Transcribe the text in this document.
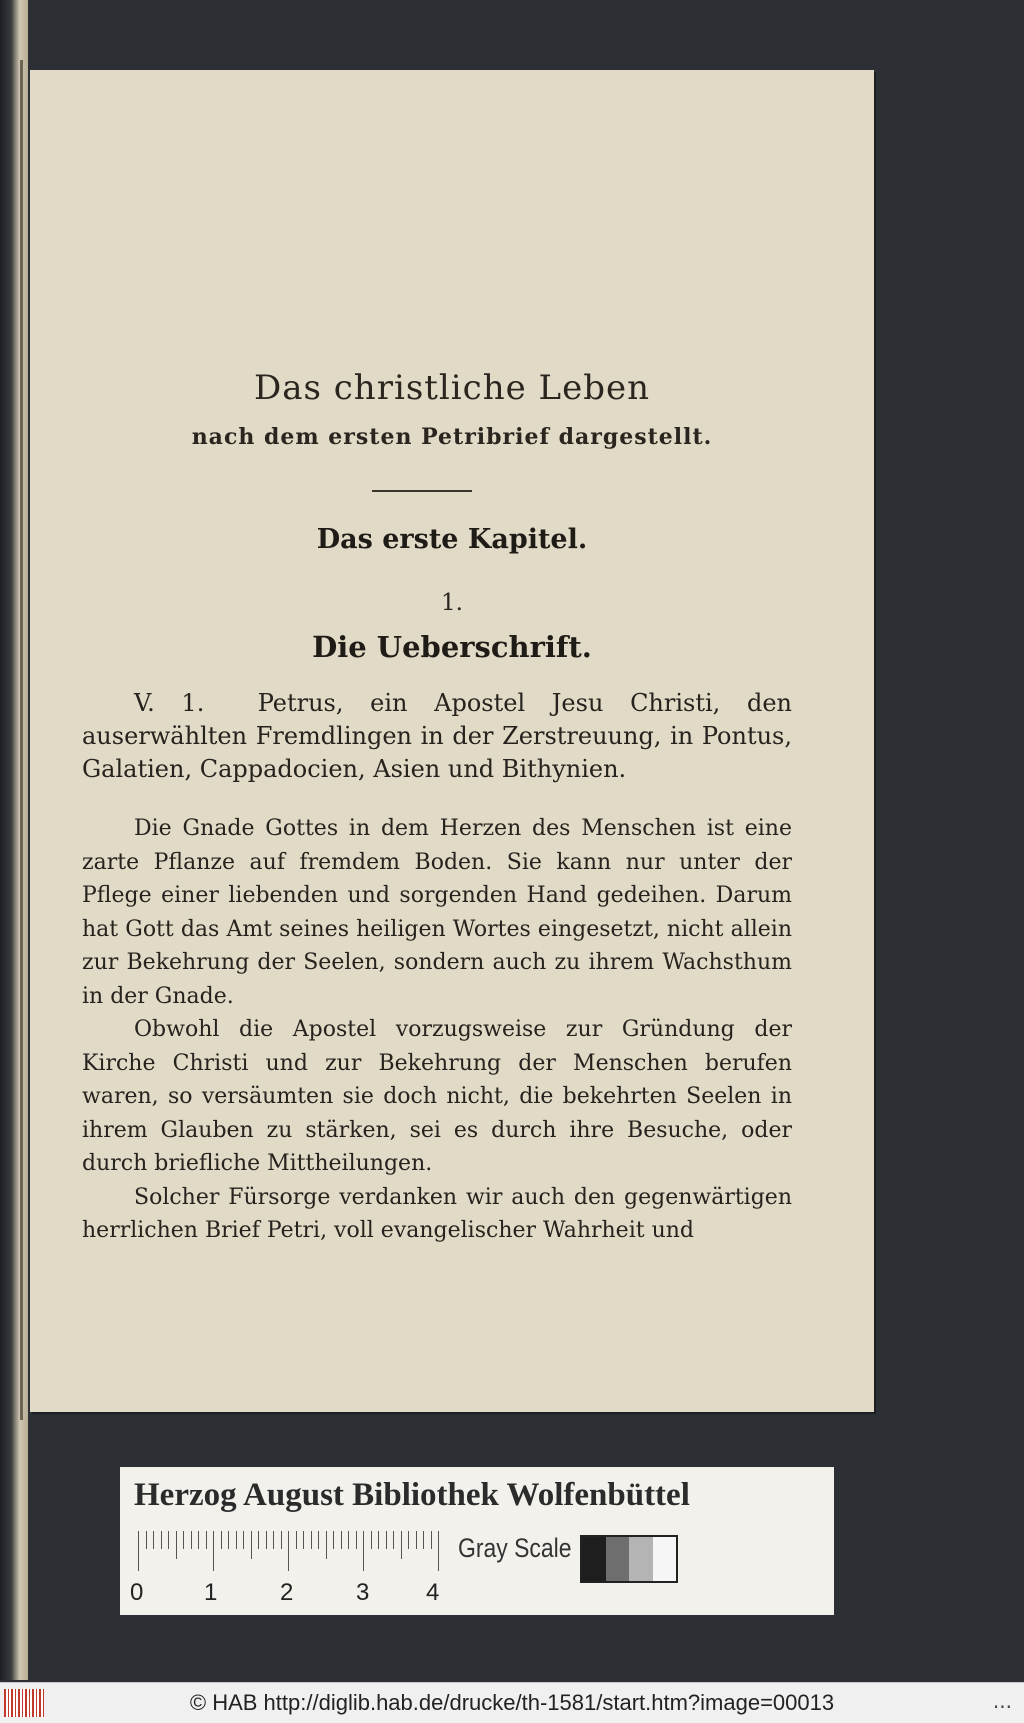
Das christliche Leben
nach dem ersten Petribrief dargestellt.
Das erste Kapitel.
1.
Die Ueberschrift.
V. 1. Petrus, ein Apostel Jesu Christi, den auserwählten Fremdlingen in der Zerstreuung, in Pontus, Galatien, Cappadocien, Asien und Bithynien.

Die Gnade Gottes in dem Herzen des Menschen ist eine zarte Pflanze auf fremdem Boden. Sie kann nur unter der Pflege einer liebenden und sorgenden Hand gedeihen. Darum hat Gott das Amt seines heiligen Wortes eingesetzt, nicht allein zur Bekehrung der Seelen, sondern auch zu ihrem Wachsthum in der Gnade.

Obwohl die Apostel vorzugsweise zur Gründung der Kirche Christi und zur Bekehrung der Menschen berufen waren, so versäumten sie doch nicht, die bekehrten Seelen in ihrem Glauben zu stärken, sei es durch ihre Besuche, oder durch briefliche Mittheilungen.

Solcher Fürsorge verdanken wir auch den gegenwärtigen herrlichen Brief Petri, voll evangelischer Wahrheit und

Herzog August Bibliothek Wolfenbüttel
0	1	2	3 4
Gray Scale
© HAB http://diglib.hab.de/drucke/th-1581/start.htm?image=00013	...
